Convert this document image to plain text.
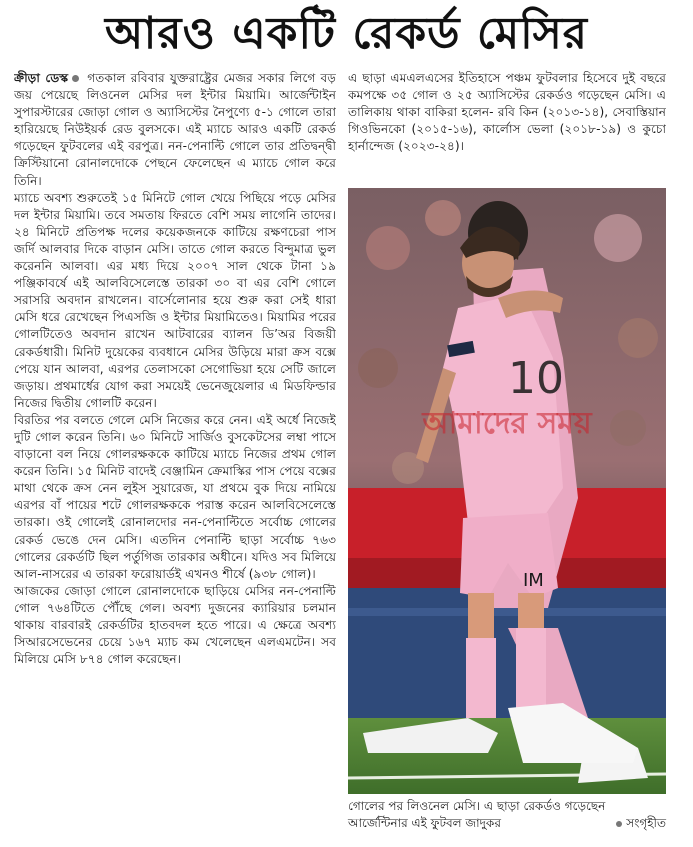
আরও একটি রেকর্ড মেসির

ক্রীড়া ডেস্ক গতকাল রবিবার যুক্তরাষ্ট্রের মেজর সকার লিগে বড় জয় পেয়েছে লিওনেল মেসির দল ইন্টার মিয়ামি। আর্জেন্টাইন সুপারস্টারের জোড়া গোল ও অ্যাসিস্টের নৈপুণ্যে ৫-১ গোলে তারা হারিয়েছে নিউইয়র্ক রেড বুলসকে। এই ম্যাচে আরও একটি রেকর্ড গড়েছেন ফুটবলের এই বরপুত্র। নন-পেনাল্টি গোলে তার প্রতিদ্বন্দ্বী ক্রিস্টিয়ানো রোনালদোকে পেছনে ফেলেছেন এ ম্যাচে গোল করে তিনি।

ম্যাচে অবশ্য শুরুতেই ১৫ মিনিটে গোল খেয়ে পিছিয়ে পড়ে মেসির দল ইন্টার মিয়ামি। তবে সমতায় ফিরতে বেশি সময় লাগেনি তাদের। ২৪ মিনিটে প্রতিপক্ষ দলের কয়েকজনকে কাটিয়ে রক্ষণচেরা পাস জর্দি আলবার দিকে বাড়ান মেসি। তাতে গোল করতে বিন্দুমাত্র ভুল করেননি আলবা। এর মধ্য দিয়ে ২০০৭ সাল থেকে টানা ১৯ পঞ্জিকাবর্ষে এই আলবিসেলেস্তে তারকা ৩০ বা এর বেশি গোলে সরাসরি অবদান রাখলেন। বার্সেলোনার হয়ে শুরু করা সেই ধারা মেসি ধরে রেখেছেন পিএসজি ও ইন্টার মিয়ামিতেও। মিয়ামির পরের গোলটিতেও অবদান রাখেন আটবারের ব্যালন ডি’অর বিজয়ী রেকর্ডধারী। মিনিট দুয়েকের ব্যবধানে মেসির উড়িয়ে মারা ক্রস বক্সে পেয়ে যান আলবা, এরপর তেলাসকো সেগোভিয়া হয়ে সেটি জালে জড়ায়। প্রথমার্ধের যোগ করা সময়েই ভেনেজুয়েলার এ মিডফিল্ডার নিজের দ্বিতীয় গোলটি করেন।

বিরতির পর বলতে গেলে মেসি নিজের করে নেন। এই অর্ধে নিজেই দুটি গোল করেন তিনি। ৬০ মিনিটে সার্জিও বুসকেটসের লম্বা পাসে বাড়ানো বল নিয়ে গোলরক্ষককে কাটিয়ে ম্যাচে নিজের প্রথম গোল করেন তিনি। ১৫ মিনিট বাদেই বেঞ্জামিন ক্রেমাস্কির পাস পেয়ে বক্সের মাথা থেকে ক্রস নেন লুইস সুয়ারেজ, যা প্রথমে বুক দিয়ে নামিয়ে এরপর বাঁ পায়ের শটে গোলরক্ষককে পরাস্ত করেন আলবিসেলেস্তে তারকা। ওই গোলেই রোনালদোর নন-পেনাল্টিতে সর্বোচ্চ গোলের রেকর্ড ভেঙে দেন মেসি। এতদিন পেনাল্টি ছাড়া সর্বোচ্চ ৭৬৩ গোলের রেকর্ডটি ছিল পর্তুগিজ তারকার অধীনে। যদিও সব মিলিয়ে আল-নাসরের এ তারকা ফরোয়ার্ডই এখনও শীর্ষে (৯৩৮ গোল)।

আজকের জোড়া গোলে রোনালদোকে ছাড়িয়ে মেসির নন-পেনাল্টি গোল ৭৬৪টিতে পৌঁছে গেল। অবশ্য দুজনের ক্যারিয়ার চলমান থাকায় বারবারই রেকর্ডটির হাতবদল হতে পারে। এ ক্ষেত্রে অবশ্য সিআরসেভেনের চেয়ে ১৬৭ ম্যাচ কম খেলেছেন এলএমটেন। সব মিলিয়ে মেসি ৮৭৪ গোল করেছেন।

এ ছাড়া এমএলএসের ইতিহাসে পঞ্চম ফুটবলার হিসেবে দুই বছরে কমপক্ষে ৩৫ গোল ও ২৫ অ্যাসিস্টের রেকর্ডও গড়েছেন মেসি। এ তালিকায় থাকা বাকিরা হলেন- রবি কিন (২০১৩-১৪), সেবাস্তিয়ান গিওভিনকো (২০১৫-১৬), কার্লোস ভেলা (২০১৮-১৯) ও কুচো হার্নান্দেজ (২০২৩-২৪)।

10
IM
আমাদের সময়

গোলের পর লিওনেল মেসি। এ ছাড়া রেকর্ডও গড়েছেন

আর্জেন্টিনার এই ফুটবল জাদুকর	সংগৃহীত
